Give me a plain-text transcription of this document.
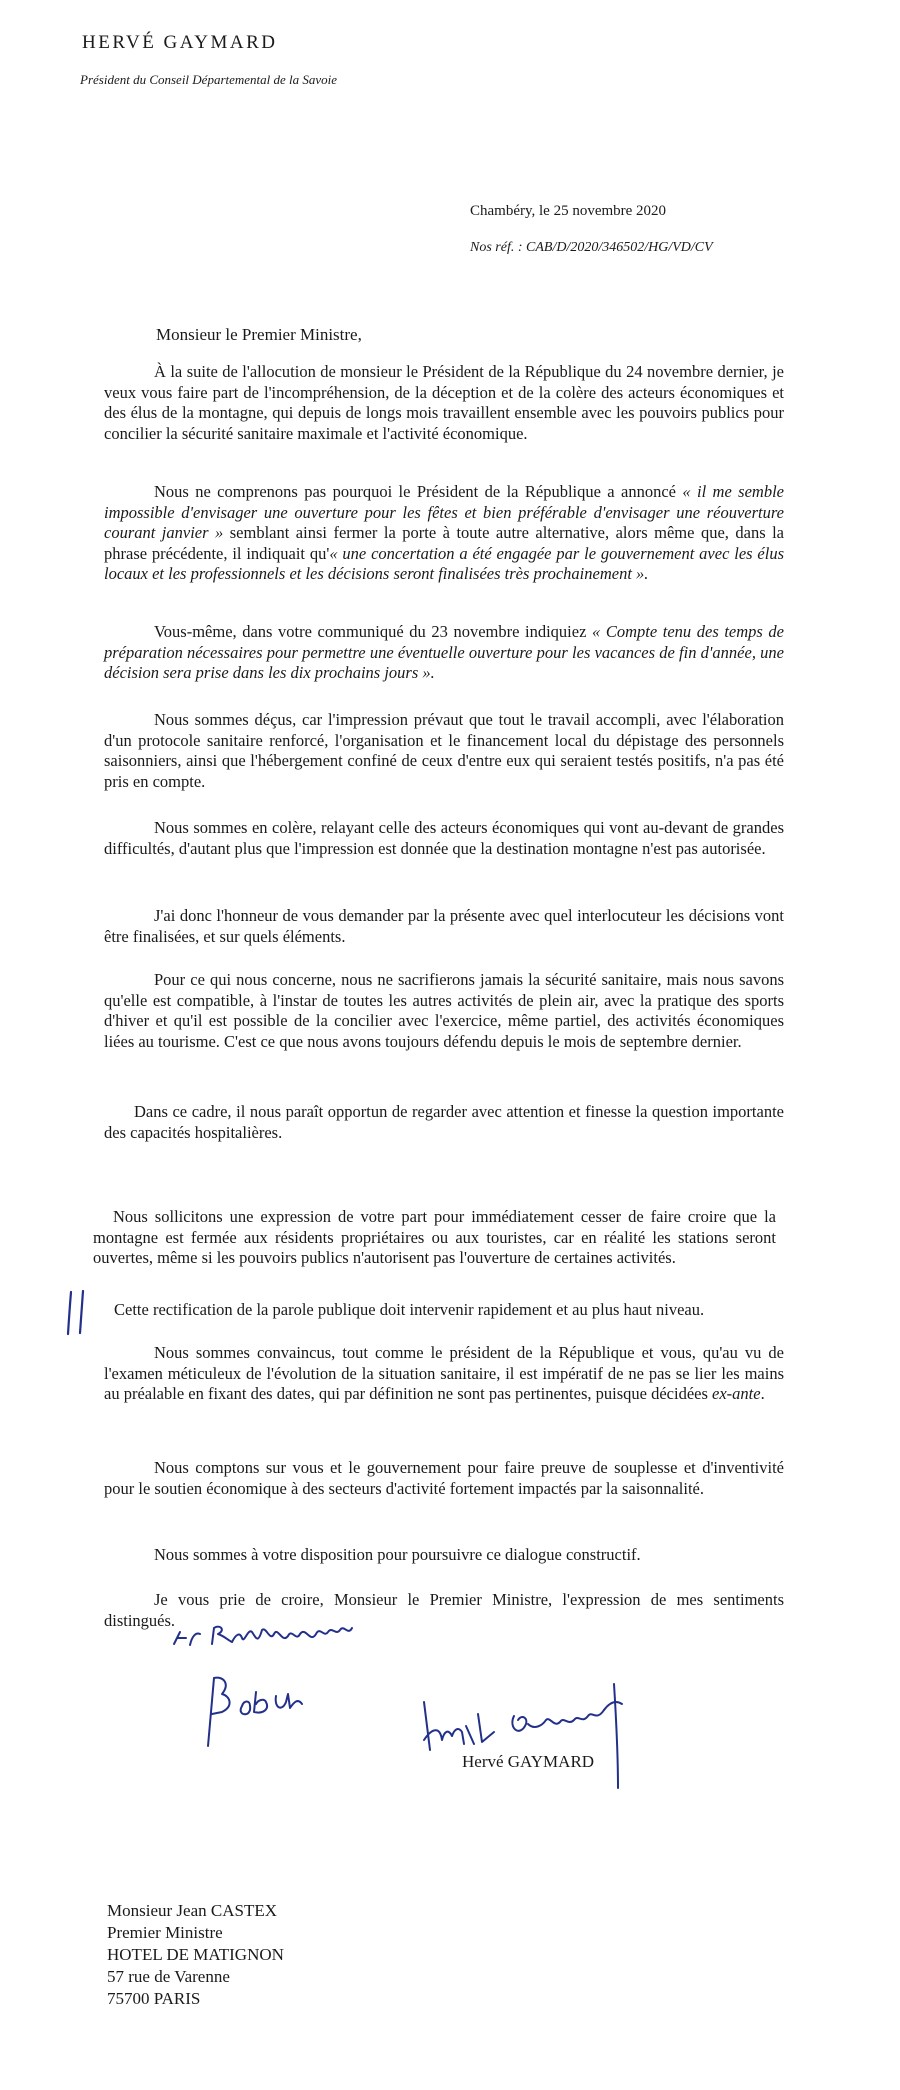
HERVÉ GAYMARD
Président du Conseil Départemental de la Savoie
Chambéry, le 25 novembre 2020
Nos réf. : CAB/D/2020/346502/HG/VD/CV
Monsieur le Premier Ministre,
À la suite de l'allocution de monsieur le Président de la République du 24 novembre dernier, je veux vous faire part de l'incompréhension, de la déception et de la colère des acteurs économiques et des élus de la montagne, qui depuis de longs mois travaillent ensemble avec les pouvoirs publics pour concilier la sécurité sanitaire maximale et l'activité économique.
Nous ne comprenons pas pourquoi le Président de la République a annoncé « il me semble impossible d'envisager une ouverture pour les fêtes et bien préférable d'envisager une réouverture courant janvier » semblant ainsi fermer la porte à toute autre alternative, alors même que, dans la phrase précédente, il indiquait qu'« une concertation a été engagée par le gouvernement avec les élus locaux et les professionnels et les décisions seront finalisées très prochainement ».
Vous-même, dans votre communiqué du 23 novembre indiquiez « Compte tenu des temps de préparation nécessaires pour permettre une éventuelle ouverture pour les vacances de fin d'année, une décision sera prise dans les dix prochains jours ».
Nous sommes déçus, car l'impression prévaut que tout le travail accompli, avec l'élaboration d'un protocole sanitaire renforcé, l'organisation et le financement local du dépistage des personnels saisonniers, ainsi que l'hébergement confiné de ceux d'entre eux qui seraient testés positifs, n'a pas été pris en compte.
Nous sommes en colère, relayant celle des acteurs économiques qui vont au-devant de grandes difficultés, d'autant plus que l'impression est donnée que la destination montagne n'est pas autorisée.
J'ai donc l'honneur de vous demander par la présente avec quel interlocuteur les décisions vont être finalisées, et sur quels éléments.
Pour ce qui nous concerne, nous ne sacrifierons jamais la sécurité sanitaire, mais nous savons qu'elle est compatible, à l'instar de toutes les autres activités de plein air, avec la pratique des sports d'hiver et qu'il est possible de la concilier avec l'exercice, même partiel, des activités économiques liées au tourisme. C'est ce que nous avons toujours défendu depuis le mois de septembre dernier.
Dans ce cadre, il nous paraît opportun de regarder avec attention et finesse la question importante des capacités hospitalières.
Nous sollicitons une expression de votre part pour immédiatement cesser de faire croire que la montagne est fermée aux résidents propriétaires ou aux touristes, car en réalité les stations seront ouvertes, même si les pouvoirs publics n'autorisent pas l'ouverture de certaines activités.
Cette rectification de la parole publique doit intervenir rapidement et au plus haut niveau.
Nous sommes convaincus, tout comme le président de la République et vous, qu'au vu de l'examen méticuleux de l'évolution de la situation sanitaire, il est impératif de ne pas se lier les mains au préalable en fixant des dates, qui par définition ne sont pas pertinentes, puisque décidées ex-ante.
Nous comptons sur vous et le gouvernement pour faire preuve de souplesse et d'inventivité pour le soutien économique à des secteurs d'activité fortement impactés par la saisonnalité.
Nous sommes à votre disposition pour poursuivre ce dialogue constructif.
Je vous prie de croire, Monsieur le Premier Ministre, l'expression de mes sentiments distingués.
Hervé GAYMARD
Monsieur Jean CASTEX
Premier Ministre
HOTEL DE MATIGNON
57 rue de Varenne
75700 PARIS
